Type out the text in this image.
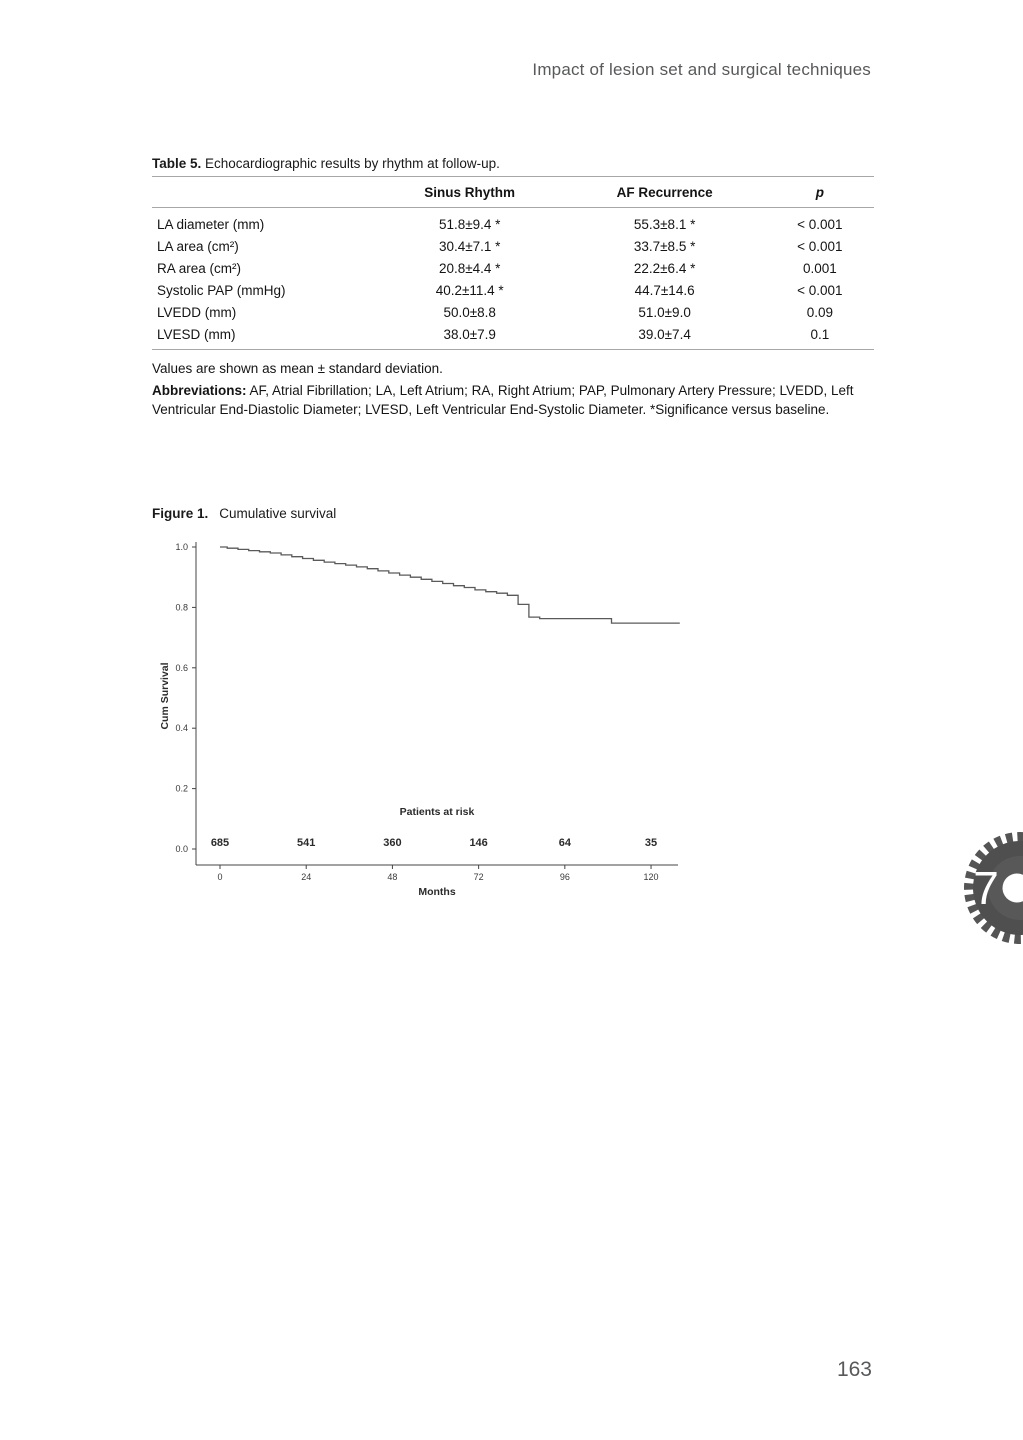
Impact of lesion set and surgical techniques

Table 5. Echocardiographic results by rhythm at follow-up.

	Sinus Rhythm	AF Recurrence	p
LA diameter (mm)	51.8±9.4 *	55.3±8.1 *	< 0.001
LA area (cm²)	30.4±7.1 *	33.7±8.5 *	< 0.001
RA area (cm²)	20.8±4.4 *	22.2±6.4 *	0.001
Systolic PAP (mmHg)	40.2±11.4 *	44.7±14.6	< 0.001
LVEDD (mm)	50.0±8.8	51.0±9.0	0.09
LVESD (mm)	38.0±7.9	39.0±7.4	0.1

Values are shown as mean ± standard deviation.

Abbreviations: AF, Atrial Fibrillation; LA, Left Atrium; RA, Right Atrium; PAP, Pulmonary Artery Pressure; LVEDD, Left Ventricular End-Diastolic Diameter; LVESD, Left Ventricular End-Systolic Diameter. *Significance versus baseline.

Figure 1. Cumulative survival

0.0
0.2
0.4
0.6
0.8
1.0
0	24	48	72	96	120
Months
Cum Survival
Patients at risk
685	541	360	146	64	35
7
163
